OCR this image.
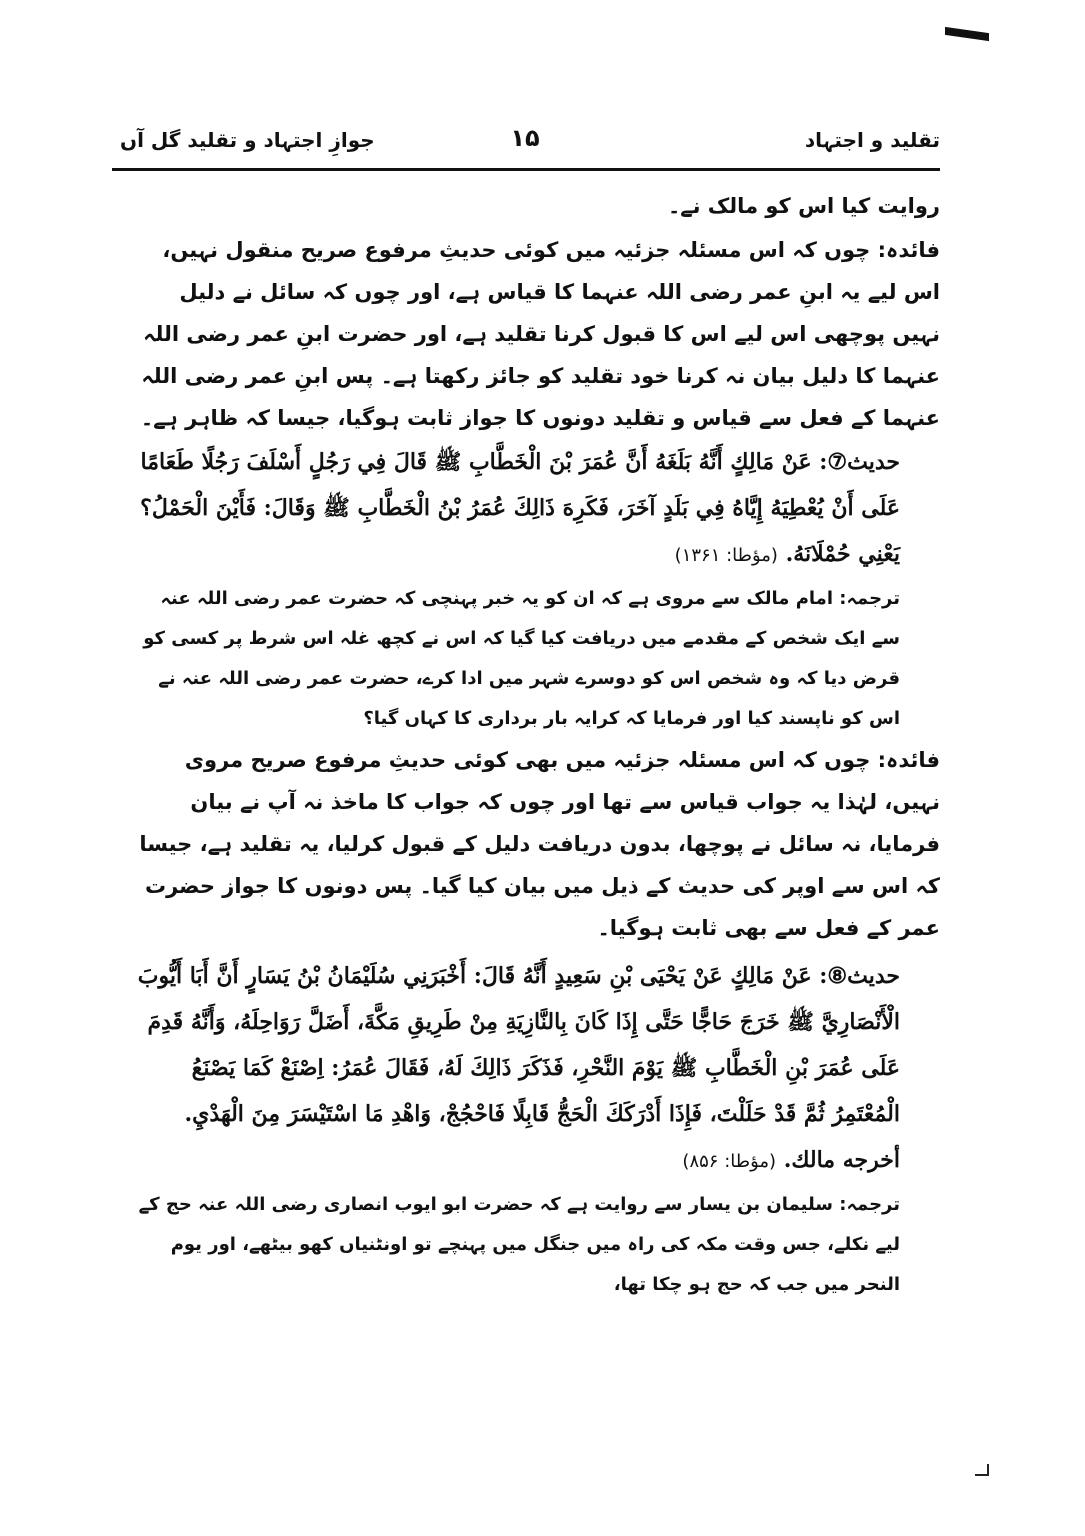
تقلید و اجتہاد
۱۵
جوازِ اجتہاد و تقلید گل آں

روایت کیا اس کو مالک نے۔

فائدہ: چوں کہ اس مسئلہ جزئیہ میں کوئی حدیثِ مرفوع صریح منقول نہیں، اس لیے یہ ابنِ عمر رضی اللہ عنہما کا قیاس ہے، اور چوں کہ سائل نے دلیل نہیں پوچھی اس لیے اس کا قبول کرنا تقلید ہے، اور حضرت ابنِ عمر رضی اللہ عنہما کا دلیل بیان نہ کرنا خود تقلید کو جائز رکھتا ہے۔ پس ابنِ عمر رضی اللہ عنہما کے فعل سے قیاس و تقلید دونوں کا جواز ثابت ہوگیا، جیسا کہ ظاہر ہے۔

حدیث⑦: عَنْ مَالِكٍ أَنَّهُ بَلَغَهُ أَنَّ عُمَرَ بْنَ الْخَطَّابِ ﷺ قَالَ فِي رَجُلٍ أَسْلَفَ رَجُلًا طَعَامًا عَلَى أَنْ يُعْطِيَهُ إِيَّاهُ فِي بَلَدٍ آخَرَ، فَكَرِهَ ذَالِكَ عُمَرُ بْنُ الْخَطَّابِ ﷺ وَقَالَ: فَأَيْنَ الْحَمْلُ؟ يَعْنِي حُمْلَانَهُ. (مؤطا: ۱۳۶۱)

ترجمہ: امام مالک سے مروی ہے کہ ان کو یہ خبر پہنچی کہ حضرت عمر رضی اللہ عنہ سے ایک شخص کے مقدمے میں دریافت کیا گیا کہ اس نے کچھ غلہ اس شرط پر کسی کو قرض دیا کہ وہ شخص اس کو دوسرے شہر میں ادا کرے، حضرت عمر رضی اللہ عنہ نے اس کو ناپسند کیا اور فرمایا کہ کرایہ بار برداری کا کہاں گیا؟

فائدہ: چوں کہ اس مسئلہ جزئیہ میں بھی کوئی حدیثِ مرفوع صریح مروی نہیں، لہٰذا یہ جواب قیاس سے تھا اور چوں کہ جواب کا ماخذ نہ آپ نے بیان فرمایا، نہ سائل نے پوچھا، بدون دریافت دلیل کے قبول کرلیا، یہ تقلید ہے، جیسا کہ اس سے اوپر کی حدیث کے ذیل میں بیان کیا گیا۔ پس دونوں کا جواز حضرت عمر کے فعل سے بھی ثابت ہوگیا۔

حدیث⑧: عَنْ مَالِكٍ عَنْ يَحْيَى بْنِ سَعِيدٍ أَنَّهُ قَالَ: أَخْبَرَنِي سُلَيْمَانُ بْنُ يَسَارٍ أَنَّ أَبَا أَيُّوبَ الْأَنْصَارِيَّ ﷺ خَرَجَ حَاجًّا حَتَّى إِذَا كَانَ بِالنَّازِيَةِ مِنْ طَرِيقِ مَكَّةَ، أَضَلَّ رَوَاحِلَهُ، وَأَنَّهُ قَدِمَ عَلَى عُمَرَ بْنِ الْخَطَّابِ ﷺ يَوْمَ النَّحْرِ، فَذَكَرَ ذَالِكَ لَهُ، فَقَالَ عُمَرُ: اِصْنَعْ كَمَا يَصْنَعُ الْمُعْتَمِرُ ثُمَّ قَدْ حَلَلْتَ، فَإِذَا أَدْرَكَكَ الْحَجُّ قَابِلًا فَاحْجُجْ، وَاهْدِ مَا اسْتَيْسَرَ مِنَ الْهَدْيِ. أخرجه مالك. (مؤطا: ۸۵۶)

ترجمہ: سلیمان بن یسار سے روایت ہے کہ حضرت ابو ایوب انصاری رضی اللہ عنہ حج کے لیے نکلے، جس وقت مکہ کی راہ میں جنگل میں پہنچے تو اونٹنیاں کھو بیٹھے، اور یوم النحر میں جب کہ حج ہو چکا تھا،
